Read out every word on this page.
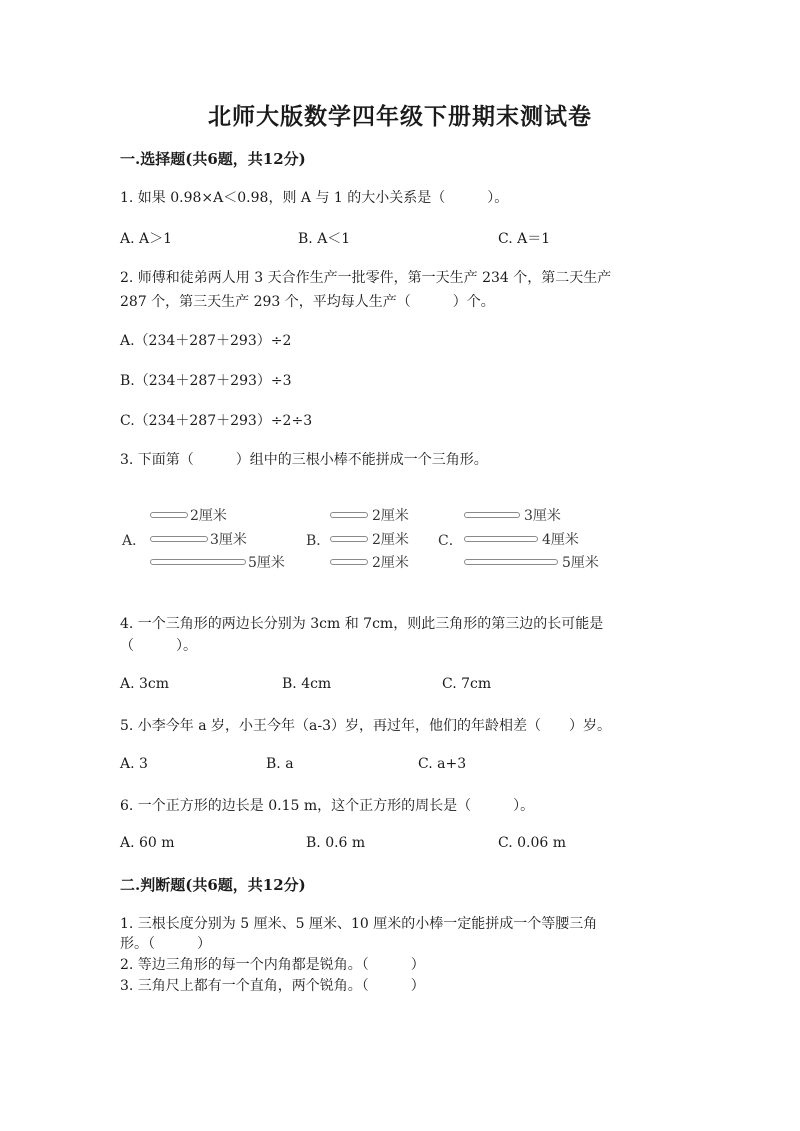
北师大版数学四年级下册期末测试卷
一.选择题(共6题，共12分)
1. 如果 0.98×A＜0.98，则 A 与 1 的大小关系是（　　　）。
A. A＞1	B. A＜1	C. A＝1
2. 师傅和徒弟两人用 3 天合作生产一批零件，第一天生产 234 个，第二天生产
287 个，第三天生产 293 个，平均每人生产（　　　）个。
A.（234＋287＋293）÷2
B.（234＋287＋293）÷3
C.（234＋287＋293）÷2÷3
3. 下面第（　　　）组中的三根小棒不能拼成一个三角形。
A．
2厘米
3厘米
5厘米
B．
2厘米
2厘米
2厘米
C．
3厘米
4厘米
5厘米
4. 一个三角形的两边长分别为 3cm 和 7cm，则此三角形的第三边的长可能是
（　　　）。
A. 3cm	B. 4cm	C. 7cm
5. 小李今年 a 岁，小王今年（a-3）岁，再过年，他们的年龄相差（　　）岁。
A. 3	B. a	C. a+3
6. 一个正方形的边长是 0.15 m，这个正方形的周长是（　　　）。
A. 60 m	B. 0.6 m	C. 0.06 m
二.判断题(共6题，共12分)
1. 三根长度分别为 5 厘米、5 厘米、10 厘米的小棒一定能拼成一个等腰三角
形。（　　　）
2. 等边三角形的每一个内角都是锐角。（　　　）
3. 三角尺上都有一个直角，两个锐角。（　　　）
